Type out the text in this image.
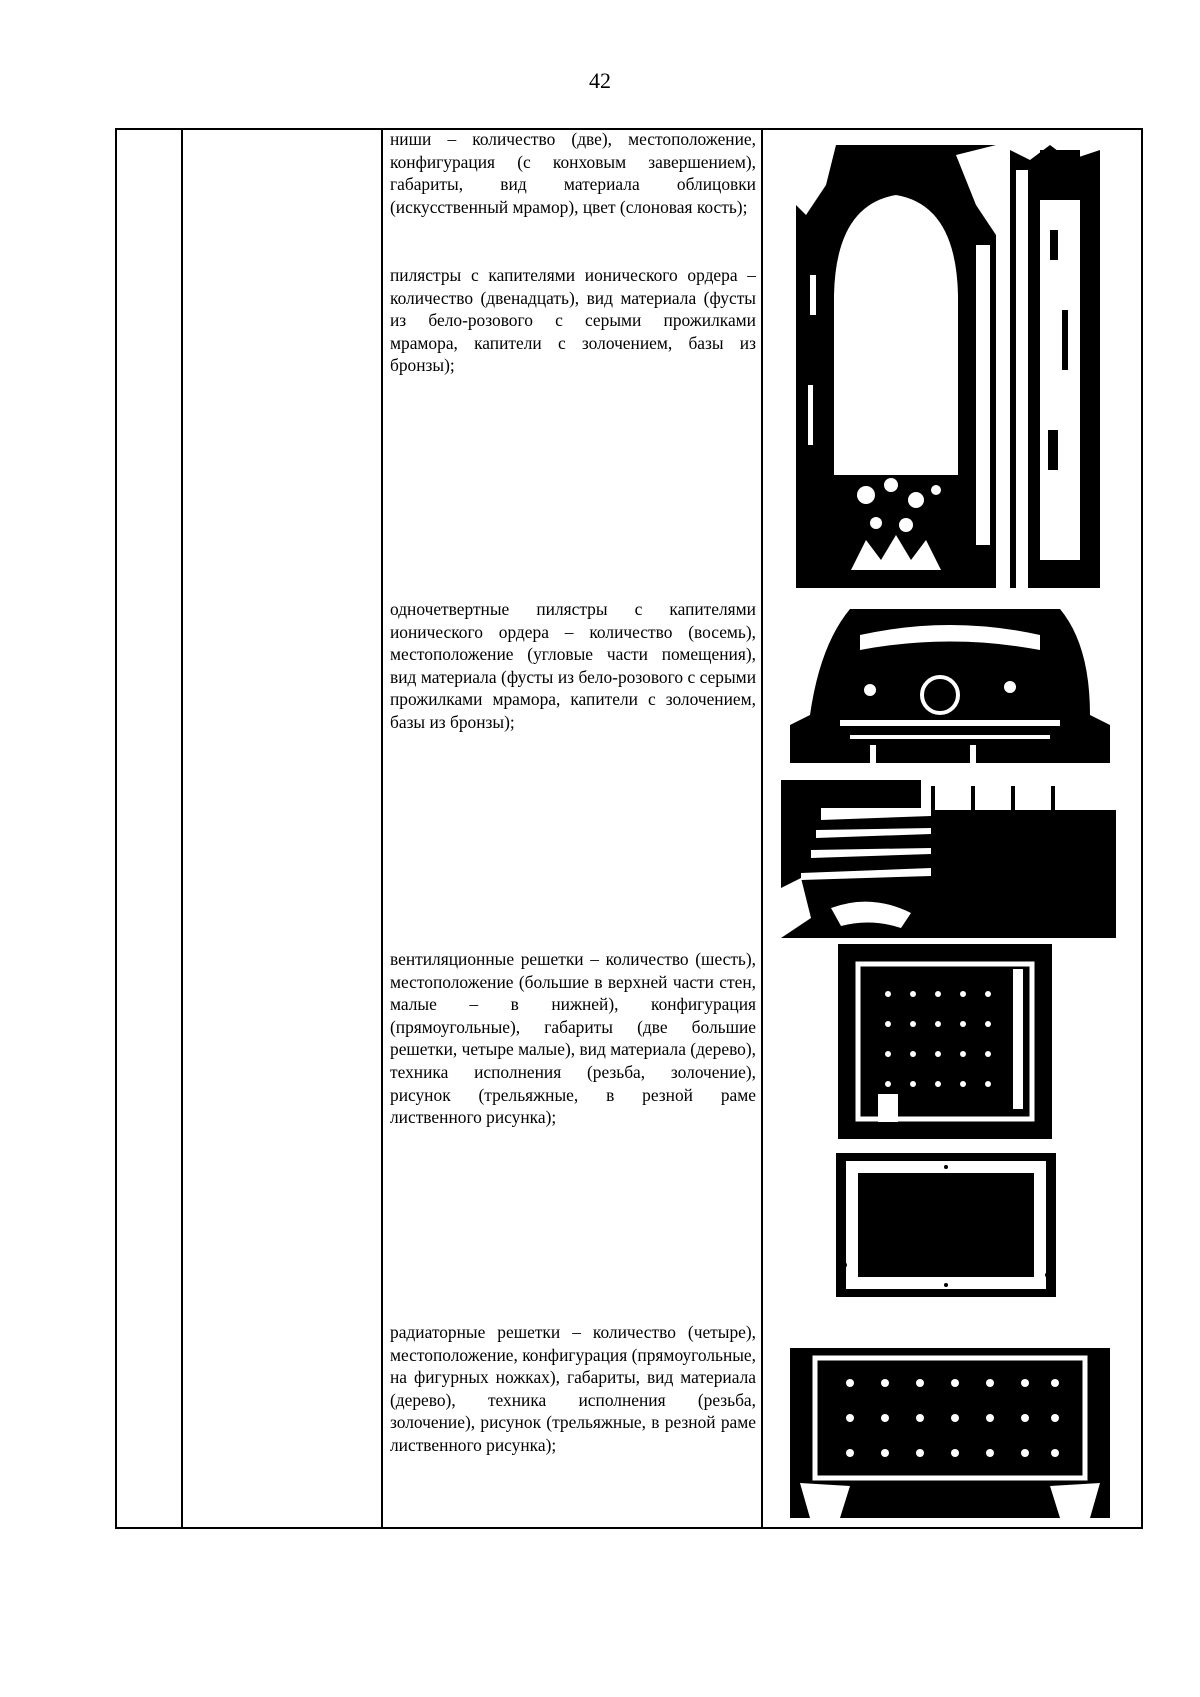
42

ниши – количество (две), местоположение, конфигурация (с конховым завершением), габариты, вид материала облицовки (искусственный мрамор), цвет (слоновая кость);

пилястры с капителями ионического ордера – количество (двенадцать), вид материала (фусты из бело-розового с серыми прожилками мрамора, капители с золочением, базы из бронзы);

одночетвертные пилястры с капителями ионического ордера – количество (восемь), местоположение (угловые части помещения), вид материала (фусты из бело-розового с серыми прожилками мрамора, капители с золочением, базы из бронзы);

вентиляционные решетки – количество (шесть), местоположение (большие в верхней части стен, малые – в нижней), конфигурация (прямоугольные), габариты (две большие решетки, четыре малые), вид материала (дерево), техника исполнения (резьба, золочение), рисунок (трельяжные, в резной раме лиственного рисунка);

радиаторные решетки – количество (четыре), местоположение, конфигурация (прямоугольные, на фигурных ножках), габариты, вид материала (дерево), техника исполнения (резьба, золочение), рисунок (трельяжные, в резной раме лиственного рисунка);
